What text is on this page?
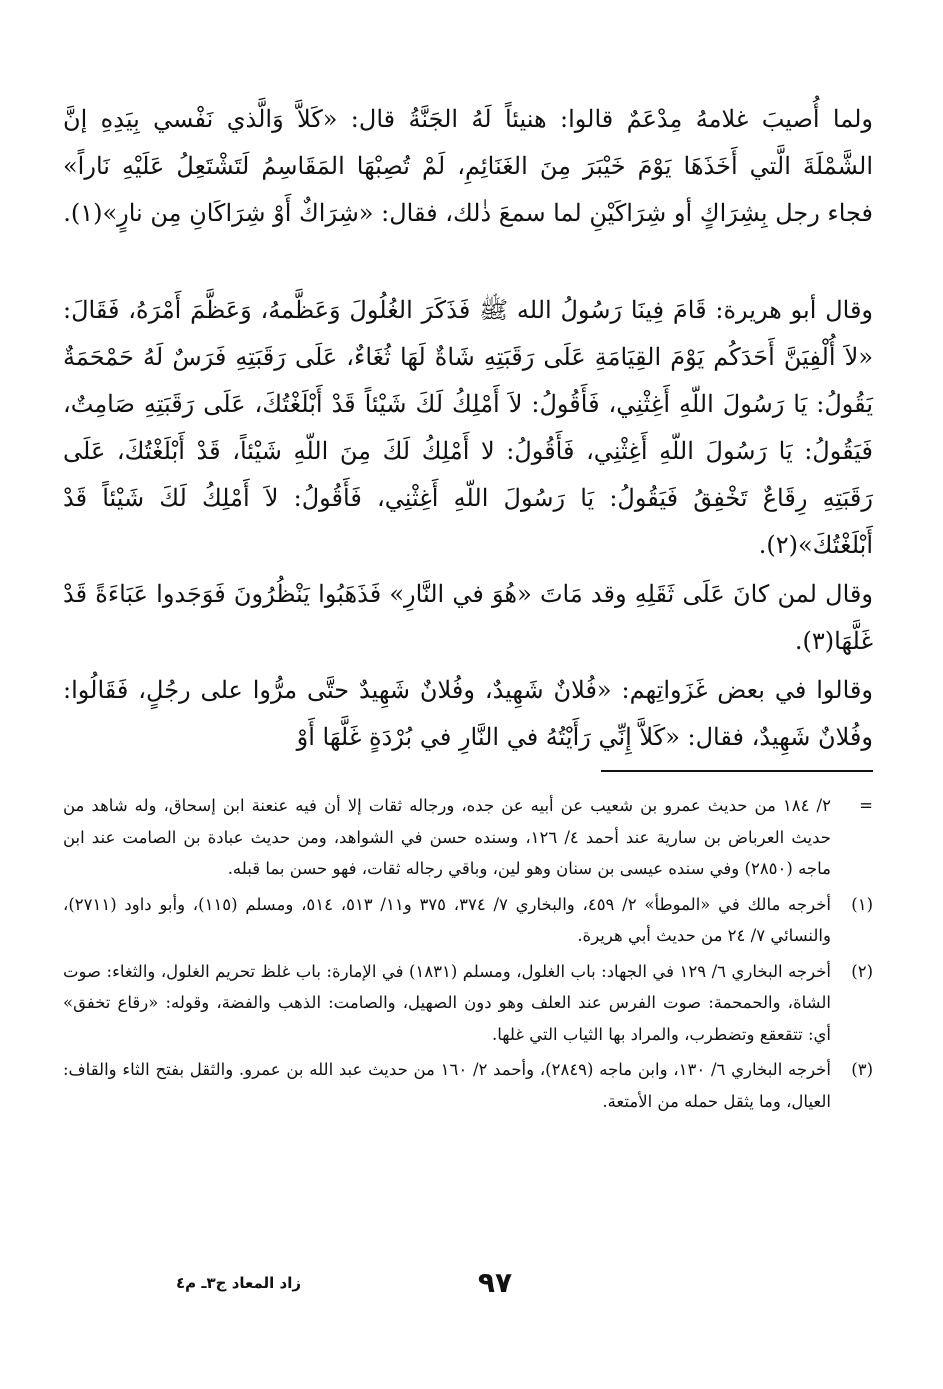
ولما أُصيبَ غلامهُ مِدْعَمٌ قالوا: هنيئاً لَهُ الجَنَّةُ قال: «كَلاَّ وَالَّذي نَفْسي بِيَدِهِ إنَّ الشَّمْلَةَ الَّتي أَخَذَهَا يَوْمَ خَيْبَرَ مِنَ الغَنَائِمِ، لَمْ تُصِبْهَا المَقَاسِمُ لَتَشْتَعِلُ عَلَيْهِ نَاراً» فجاء رجل بِشِرَاكٍ أو شِرَاكَيْنِ لما سمعَ ذٰلك، فقال: «شِرَاكٌ أَوْ شِرَاكَانِ مِن نارٍ»(١).

وقال أبو هريرة: قَامَ فِينَا رَسُولُ الله ﷺ فَذَكَرَ الغُلُولَ وَعَظَّمهُ، وَعَظَّمَ أَمْرَهُ، فَقَالَ: «لاَ أُلْفِيَنَّ أَحَدَكُم يَوْمَ القِيَامَةِ عَلَى رَقَبَتِهِ شَاةٌ لَهَا ثُغَاءٌ، عَلَى رَقَبَتِهِ فَرَسٌ لَهُ حَمْحَمَةٌ يَقُولُ: يَا رَسُولَ اللّهِ أَغِثْنِي، فَأَقُولُ: لاَ أَمْلِكُ لَكَ شَيْئاً قَدْ أَبْلَغْتُكَ، عَلَى رَقَبَتِهِ صَامِتٌ، فَيَقُولُ: يَا رَسُولَ اللّهِ أَغِثْنِي، فَأَقُولُ: لا أَمْلِكُ لَكَ مِنَ اللّهِ شَيْئاً، قَدْ أَبْلَغْتُكَ، عَلَى رَقَبَتِهِ رِقَاعٌ تَخْفِقُ فَيَقُولُ: يَا رَسُولَ اللّهِ أَغِثْنِي، فَأَقُولُ: لاَ أَمْلِكُ لَكَ شَيْئاً قَدْ أَبْلَغْتُكَ»(٢).

وقال لمن كانَ عَلَى ثَقَلِهِ وقد مَاتَ «هُوَ في النَّارِ» فَذَهَبُوا يَنْظُرُونَ فَوَجَدوا عَبَاءَةً قَدْ غَلَّهَا(٣).

وقالوا في بعض غَزَواتِهم: «فُلانٌ شَهِيدٌ، وفُلانٌ شَهِيدٌ حتَّى مرُّوا على رجُلٍ، فَقَالُوا: وفُلانٌ شَهِيدٌ، فقال: «كَلاَّ إِنِّي رَأَيْتُهُ في النَّارِ في بُرْدَةٍ غَلَّهَا أَوْ

=
٢/ ١٨٤ من حديث عمرو بن شعيب عن أبيه عن جده، ورجاله ثقات إلا أن فيه عنعنة ابن إسحاق، وله شاهد من حديث العرباض بن سارية عند أحمد ٤/ ١٢٦، وسنده حسن في الشواهد، ومن حديث عبادة بن الصامت عند ابن ماجه (٢٨٥٠) وفي سنده عيسى بن سنان وهو لين، وباقي رجاله ثقات، فهو حسن بما قبله.
(١)
أخرجه مالك في «الموطأ» ٢/ ٤٥٩، والبخاري ٧/ ٣٧٤، ٣٧٥ و١١/ ٥١٣، ٥١٤، ومسلم (١١٥)، وأبو داود (٢٧١١)، والنسائي ٧/ ٢٤ من حديث أبي هريرة.
(٢)
أخرجه البخاري ٦/ ١٢٩ في الجهاد: باب الغلول، ومسلم (١٨٣١) في الإمارة: باب غلظ تحريم الغلول، والثغاء: صوت الشاة، والحمحمة: صوت الفرس عند العلف وهو دون الصهيل، والصامت: الذهب والفضة، وقوله: «رقاع تخفق» أي: تتقعقع وتضطرب، والمراد بها الثياب التي غلها.
(٣)
أخرجه البخاري ٦/ ١٣٠، وابن ماجه (٢٨٤٩)، وأحمد ٢/ ١٦٠ من حديث عبد الله بن عمرو. والثقل بفتح الثاء والقاف: العيال، وما يثقل حمله من الأمتعة.
٩٧
زاد المعاد ج٣ـ م٤
